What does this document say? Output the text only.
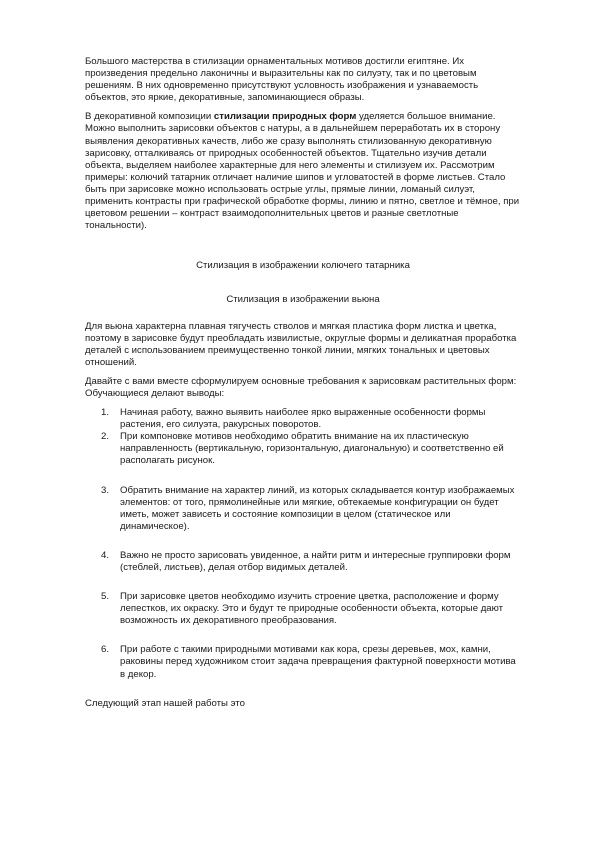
Большого мастерства в стилизации орнаментальных мотивов достигли египтяне. Их произведения предельно лаконичны и выразительны как по силуэту, так и по цветовым решениям. В них одновременно присутствуют условность изображения и узнаваемость объектов, это яркие, декоративные, запоминающиеся образы.

В декоративной композиции стилизации природных форм уделяется большое внимание. Можно выполнить зарисовки объектов с натуры, а в дальнейшем переработать их в сторону выявления декоративных качеств, либо же сразу выполнять стилизованную декоративную зарисовку, отталкиваясь от природных особенностей объектов. Тщательно изучив детали объекта, выделяем наиболее характерные для него элементы и стилизуем их. Рассмотрим примеры: колючий татарник отличает наличие шипов и угловатостей в форме листьев. Стало быть при зарисовке можно использовать острые углы, прямые линии, ломаный силуэт, применить контрасты при графической обработке формы, линию и пятно, светлое и тёмное, при цветовом решении – контраст взаимодополнительных цветов и разные светлотные тональности).

Стилизация в изображении колючего татарника

Стилизация в изображении вьюна

Для вьюна характерна плавная тягучесть стволов и мягкая пластика форм листка и цветка, поэтому в зарисовке будут преобладать извилистые, округлые формы и деликатная проработка деталей с использованием преимущественно тонкой линии, мягких тональных и цветовых отношений.

Давайте с вами вместе сформулируем основные требования к зарисовкам растительных форм: Обучающиеся делают выводы:

1. Начиная работу, важно выявить наиболее ярко выраженные особенности формы растения, его силуэта, ракурсных поворотов.
2. При компоновке мотивов необходимо обратить внимание на их пластическую направленность (вертикальную, горизонтальную, диагональную) и соответственно ей располагать рисунок.
3. Обратить внимание на характер линий, из которых складывается контур изображаемых элементов: от того, прямолинейные или мягкие, обтекаемые конфигурации он будет иметь, может зависеть и состояние композиции в целом (статическое или динамическое).
4. Важно не просто зарисовать увиденное, а найти ритм и интересные группировки форм (стеблей, листьев), делая отбор видимых деталей.
5. При зарисовке цветов необходимо изучить строение цветка, расположение и форму лепестков, их окраску. Это и будут те природные особенности объекта, которые дают возможность их декоративного преобразования.
6. При работе с такими природными мотивами как кора, срезы деревьев, мох, камни, раковины перед художником стоит задача превращения фактурной поверхности мотива в декор.

Следующий этап нашей работы это
